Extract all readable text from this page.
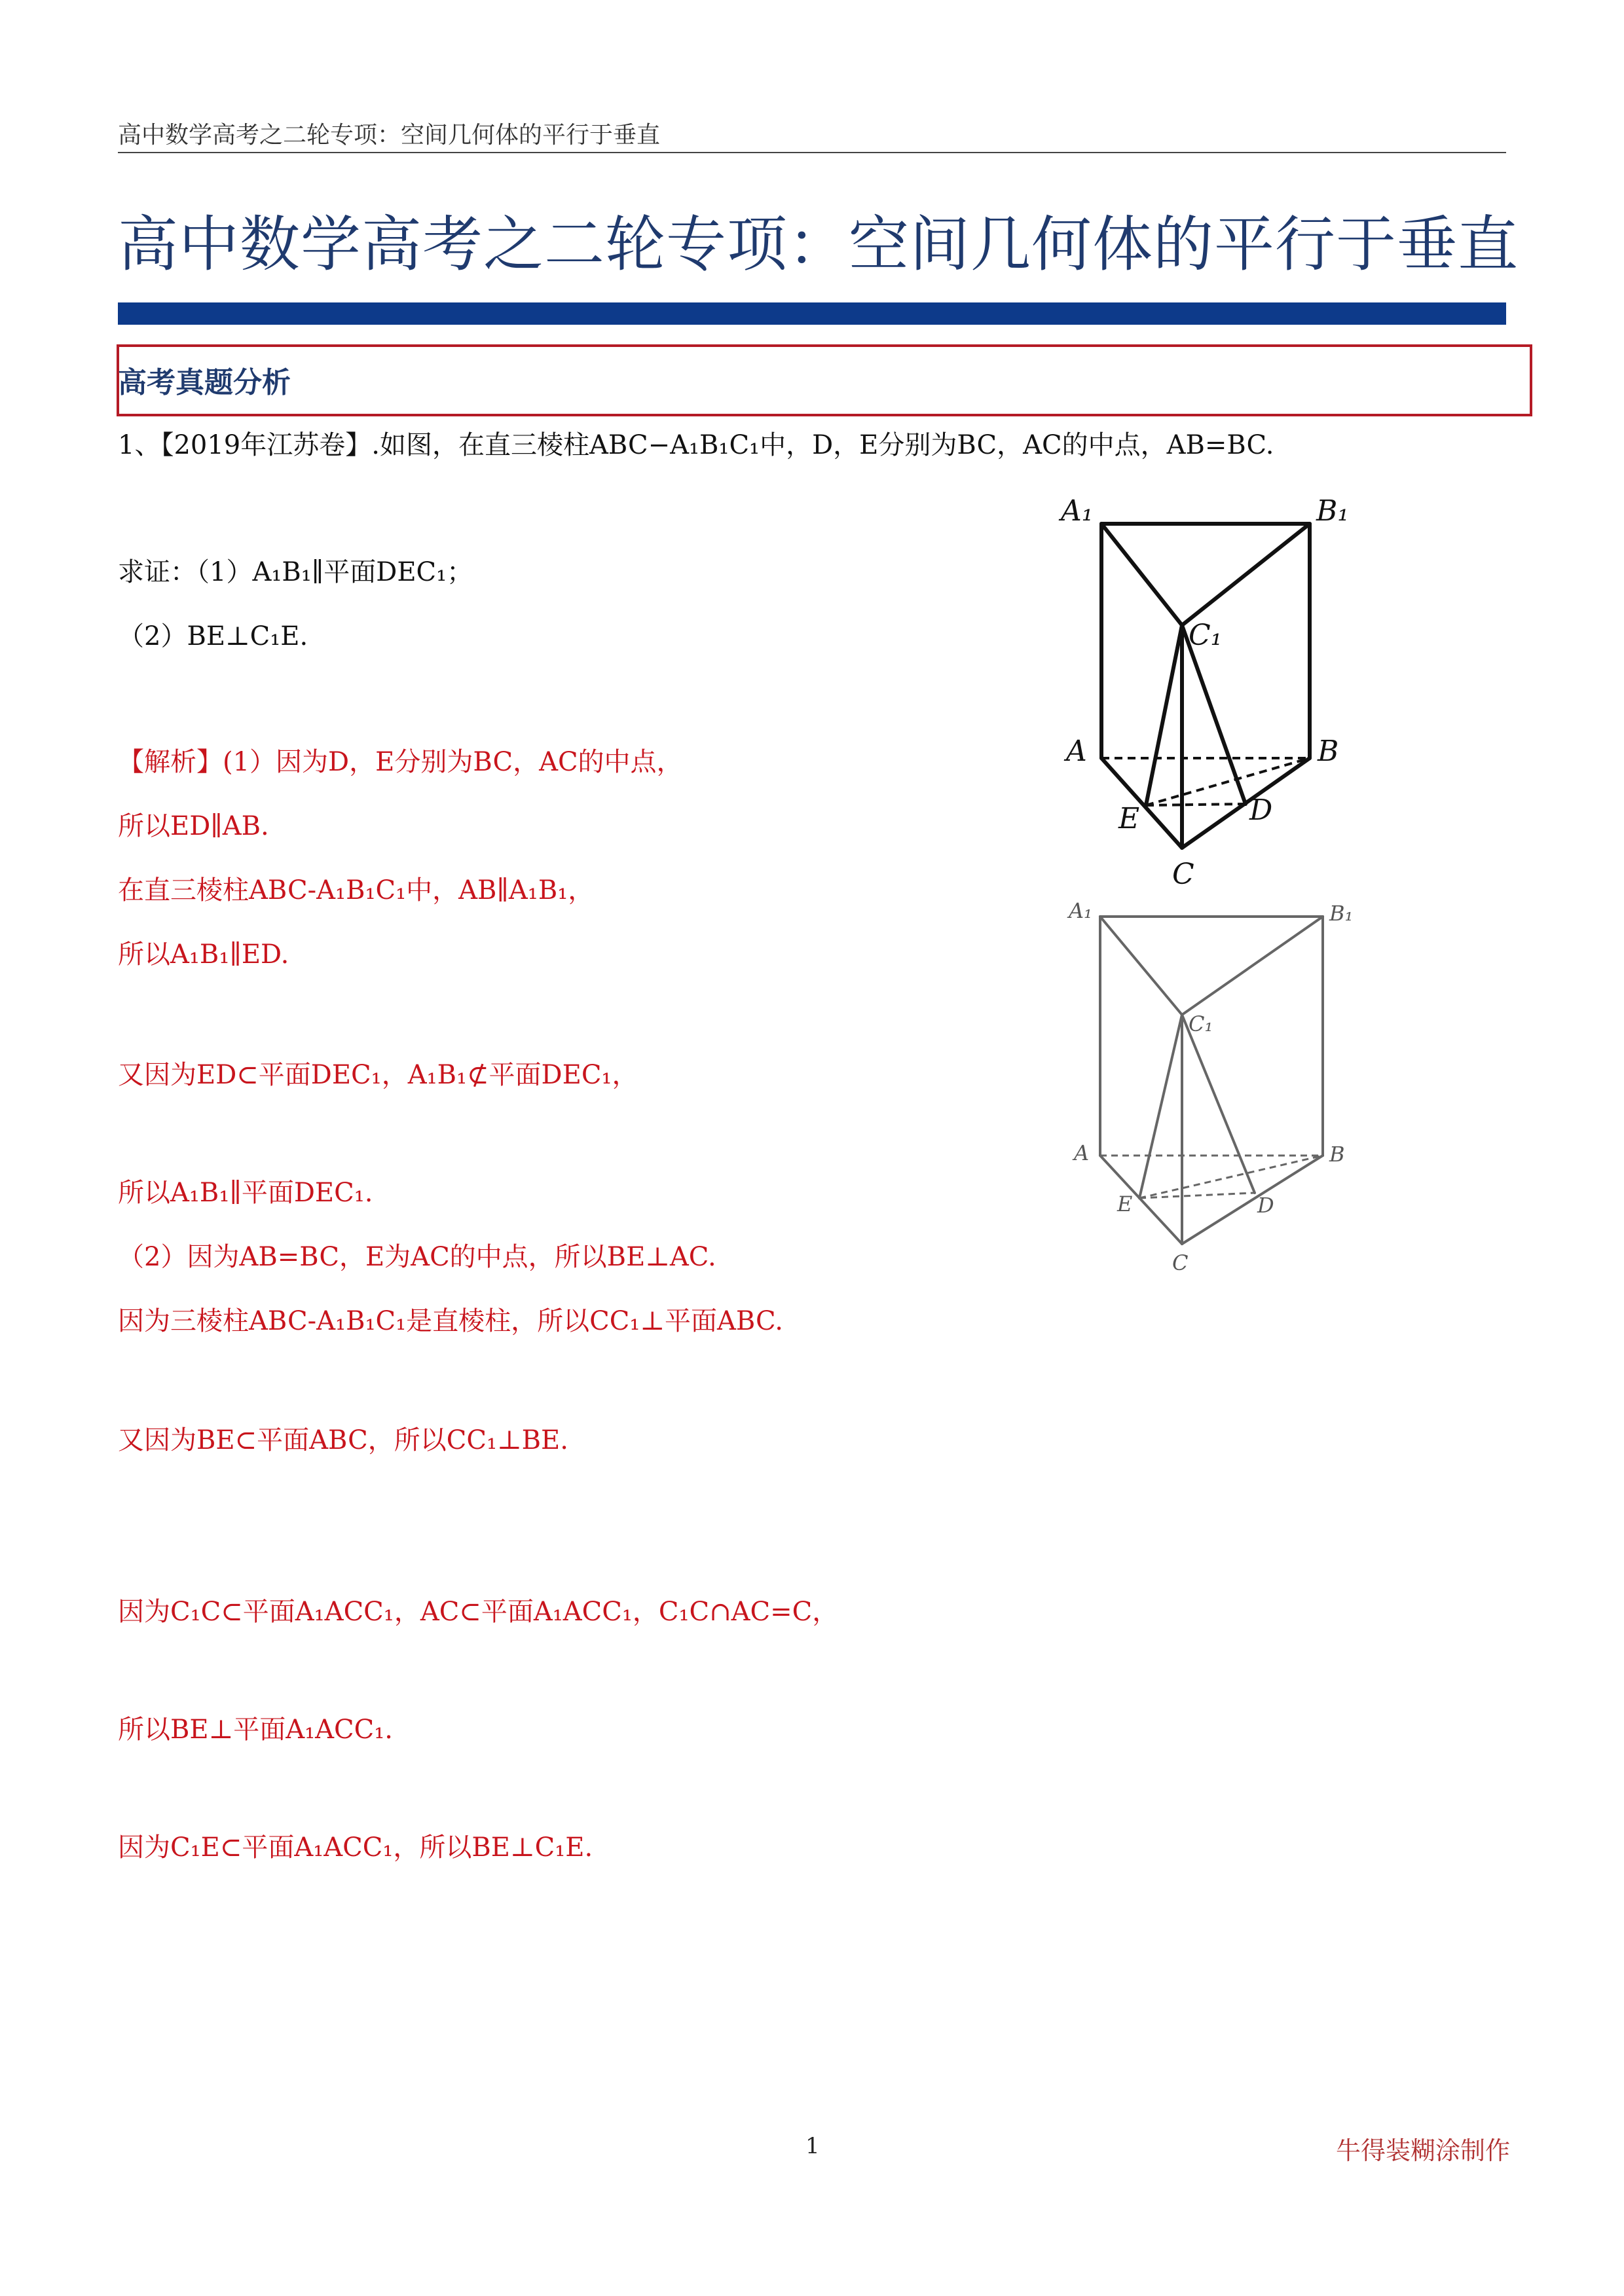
高中数学高考之二轮专项：空间几何体的平行于垂直
高中数学高考之二轮专项：空间几何体的平行于垂直
高考真题分析
1、【2019年江苏卷】.如图，在直三棱柱ABC−A₁B₁C₁中，D，E分别为BC，AC的中点，AB=BC.
求证：（1）A₁B₁∥平面DEC₁；
（2）BE⊥C₁E.
【解析】(1）因为D，E分别为BC，AC的中点，
所以ED∥AB.
在直三棱柱ABC-A₁B₁C₁中，AB∥A₁B₁，
所以A₁B₁∥ED.
又因为ED⊂平面DEC₁，A₁B₁⊄平面DEC₁，
所以A₁B₁∥平面DEC₁.
（2）因为AB=BC，E为AC的中点，所以BE⊥AC.
因为三棱柱ABC-A₁B₁C₁是直棱柱，所以CC₁⊥平面ABC.
又因为BE⊂平面ABC，所以CC₁⊥BE.
因为C₁C⊂平面A₁ACC₁，AC⊂平面A₁ACC₁，C₁C∩AC=C，
所以BE⊥平面A₁ACC₁.
因为C₁E⊂平面A₁ACC₁，所以BE⊥C₁E.
A₁	B₁
C₁
A	B
E	D
C
A₁	B₁
C₁
A	B
E	D
C
1	牛得装糊涂制作
